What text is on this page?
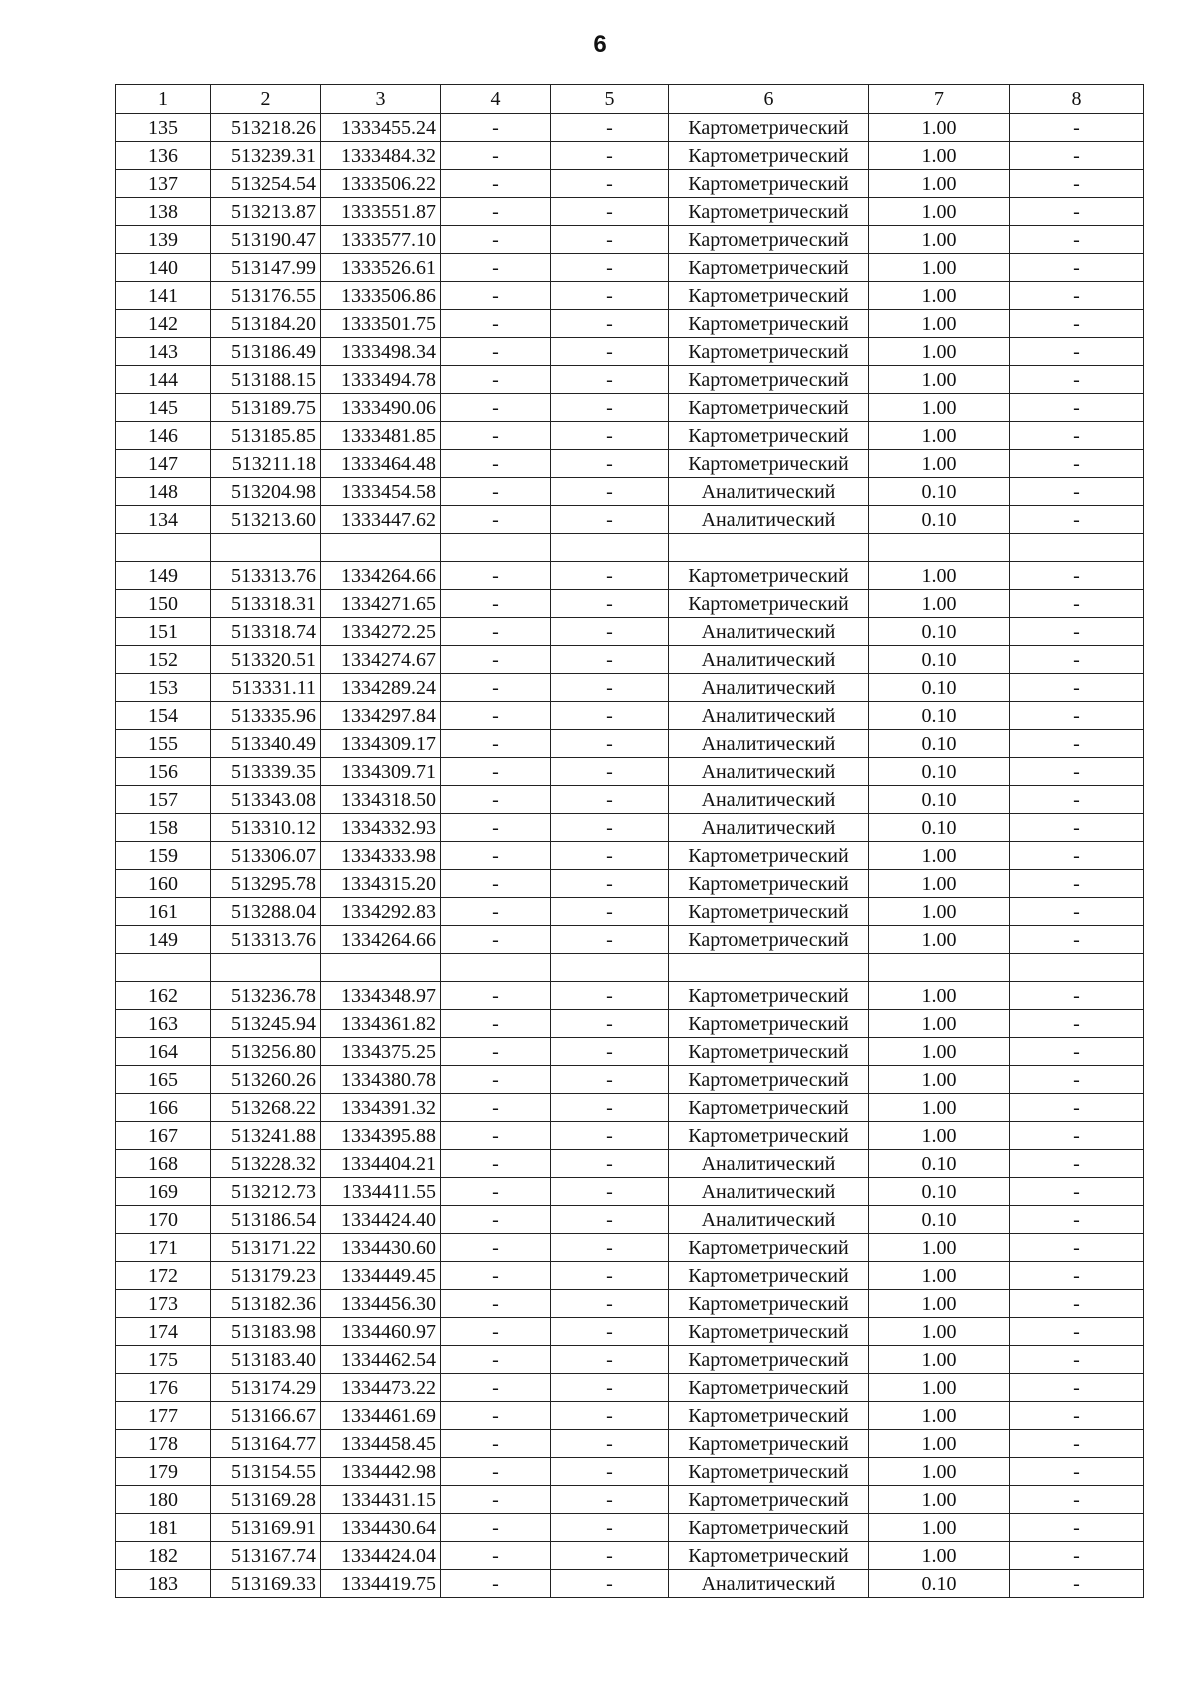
6
1	2	3	4	5	6	7	8
135	513218.26	1333455.24	-	-	Картометрический	1.00	-
136	513239.31	1333484.32	-	-	Картометрический	1.00	-
137	513254.54	1333506.22	-	-	Картометрический	1.00	-
138	513213.87	1333551.87	-	-	Картометрический	1.00	-
139	513190.47	1333577.10	-	-	Картометрический	1.00	-
140	513147.99	1333526.61	-	-	Картометрический	1.00	-
141	513176.55	1333506.86	-	-	Картометрический	1.00	-
142	513184.20	1333501.75	-	-	Картометрический	1.00	-
143	513186.49	1333498.34	-	-	Картометрический	1.00	-
144	513188.15	1333494.78	-	-	Картометрический	1.00	-
145	513189.75	1333490.06	-	-	Картометрический	1.00	-
146	513185.85	1333481.85	-	-	Картометрический	1.00	-
147	513211.18	1333464.48	-	-	Картометрический	1.00	-
148	513204.98	1333454.58	-	-	Аналитический	0.10	-
134	513213.60	1333447.62	-	-	Аналитический	0.10	-

149	513313.76	1334264.66	-	-	Картометрический	1.00	-
150	513318.31	1334271.65	-	-	Картометрический	1.00	-
151	513318.74	1334272.25	-	-	Аналитический	0.10	-
152	513320.51	1334274.67	-	-	Аналитический	0.10	-
153	513331.11	1334289.24	-	-	Аналитический	0.10	-
154	513335.96	1334297.84	-	-	Аналитический	0.10	-
155	513340.49	1334309.17	-	-	Аналитический	0.10	-
156	513339.35	1334309.71	-	-	Аналитический	0.10	-
157	513343.08	1334318.50	-	-	Аналитический	0.10	-
158	513310.12	1334332.93	-	-	Аналитический	0.10	-
159	513306.07	1334333.98	-	-	Картометрический	1.00	-
160	513295.78	1334315.20	-	-	Картометрический	1.00	-
161	513288.04	1334292.83	-	-	Картометрический	1.00	-
149	513313.76	1334264.66	-	-	Картометрический	1.00	-

162	513236.78	1334348.97	-	-	Картометрический	1.00	-
163	513245.94	1334361.82	-	-	Картометрический	1.00	-
164	513256.80	1334375.25	-	-	Картометрический	1.00	-
165	513260.26	1334380.78	-	-	Картометрический	1.00	-
166	513268.22	1334391.32	-	-	Картометрический	1.00	-
167	513241.88	1334395.88	-	-	Картометрический	1.00	-
168	513228.32	1334404.21	-	-	Аналитический	0.10	-
169	513212.73	1334411.55	-	-	Аналитический	0.10	-
170	513186.54	1334424.40	-	-	Аналитический	0.10	-
171	513171.22	1334430.60	-	-	Картометрический	1.00	-
172	513179.23	1334449.45	-	-	Картометрический	1.00	-
173	513182.36	1334456.30	-	-	Картометрический	1.00	-
174	513183.98	1334460.97	-	-	Картометрический	1.00	-
175	513183.40	1334462.54	-	-	Картометрический	1.00	-
176	513174.29	1334473.22	-	-	Картометрический	1.00	-
177	513166.67	1334461.69	-	-	Картометрический	1.00	-
178	513164.77	1334458.45	-	-	Картометрический	1.00	-
179	513154.55	1334442.98	-	-	Картометрический	1.00	-
180	513169.28	1334431.15	-	-	Картометрический	1.00	-
181	513169.91	1334430.64	-	-	Картометрический	1.00	-
182	513167.74	1334424.04	-	-	Картометрический	1.00	-
183	513169.33	1334419.75	-	-	Аналитический	0.10	-
